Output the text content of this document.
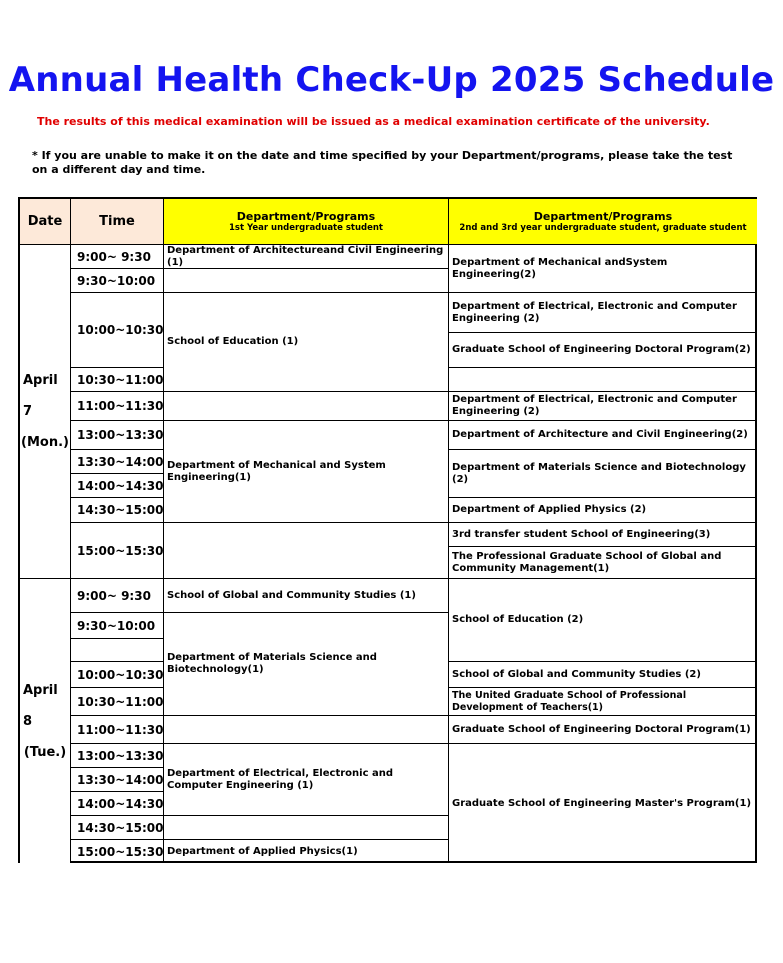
Annual Health Check-Up 2025 Schedule
The results of this medical examination will be issued as a medical examination certificate of the university.
* If you are unable to make it on the date and time specified by your Department/programs, please take the test
on a different day and time.
Date	Time	Department/Programs
1st Year undergraduate student
Department/Programs
2nd and 3rd year undergraduate student, graduate student
April 7
(Mon.)
April 8
(Tue.)
9:00~ 9:30
9:30~10:00
10:00~10:30
10:30~11:00
11:00~11:30
13:00~13:30
13:30~14:00
14:00~14:30
14:30~15:00
15:00~15:30
9:00~ 9:30
9:30~10:00
10:00~10:30
10:30~11:00
11:00~11:30
13:00~13:30
13:30~14:00
14:00~14:30
14:30~15:00
15:00~15:30
Department of Architectureand Civil Engineering (1)
School of Education (1)
Department of Mechanical and System Engineering(1)
School of Global and Community Studies (1)
Department of Materials Science and Biotechnology(1)
Department of Electrical, Electronic and Computer Engineering (1)
Department of Applied Physics(1)
Department of Mechanical andSystem Engineering(2)
Department of Electrical, Electronic and Computer Engineering (2)
Graduate School of Engineering Doctoral Program(2)
Department of Electrical, Electronic and Computer Engineering (2)
Department of Architecture and Civil Engineering(2)
Department of Materials Science and Biotechnology (2)
Department of Applied Physics (2)
3rd transfer student School of Engineering(3)
The Professional Graduate School of Global and Community Management(1)
School of Education (2)
School of Global and Community Studies (2)
The United Graduate School of Professional Development of Teachers(1)
Graduate School of Engineering Doctoral Program(1)
Graduate School of Engineering Master's Program(1)
